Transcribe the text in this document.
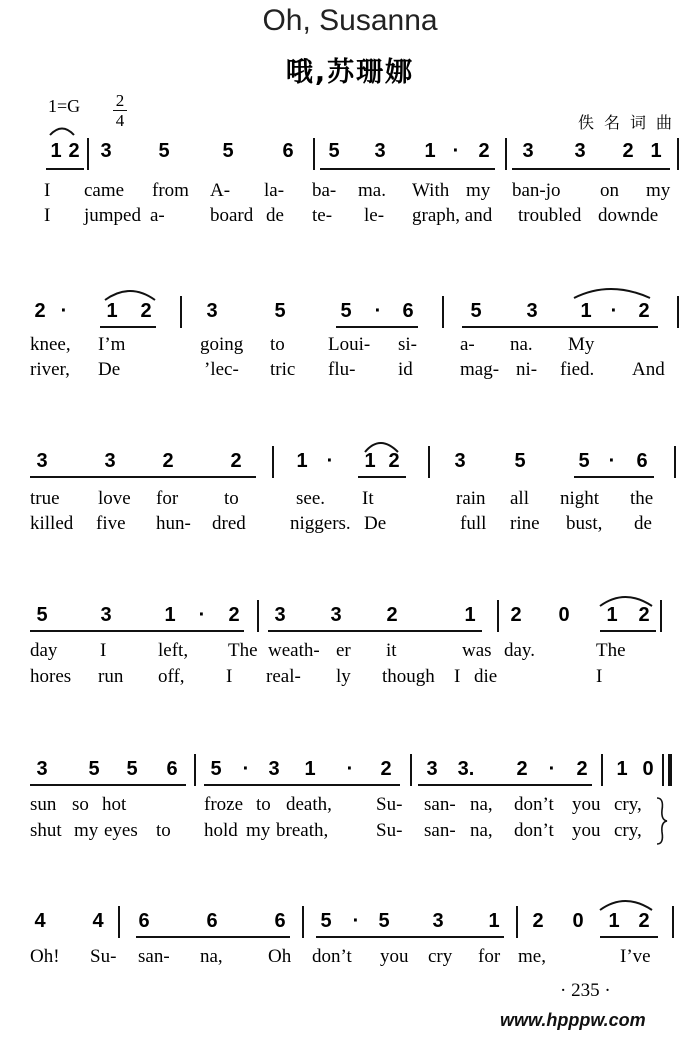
Oh, Susanna
哦,苏珊娜
1=G 2
4	佚名词曲
1 2 3 5	5 6 5 3 1 · 2 3 3 2 1
I came from A- la- ba- ma. With my ban-jo on my
I jumped a- board de te- le- graph, and troubled downde
2 · 1 2	3	5	5 · 6	5 3 1 · 2
knee, I’m	going to Loui- si- a- na. My
river, De	’lec- tric flu- id mag- ni- fied. And
3	3 2	2	1 · 1 2	3 5	5 · 6
true love for to	see. It	rain all night the
killed five hun- dred niggers. De	full rine bust, de
5	3	1 · 2 3 3 2	1 2 0 1 2
day I	left, The weath- er it	was day.	The
hores run off, I real- ly though I die	I
3 5 5 6 5 · 3 1 · 2 3 3. 2 · 2 1 0
sun so hot	froze to death, Su- san- na, don’t you cry,
shut my eyes to hold my breath,	Su- san- na, don’t you cry,
4 4 6	6	6 5 · 5 3 1 2 0 1 2
Oh! Su- san- na, Oh don’t you cry for me,	I’ve
· 235 ·
www.hpppw.com
